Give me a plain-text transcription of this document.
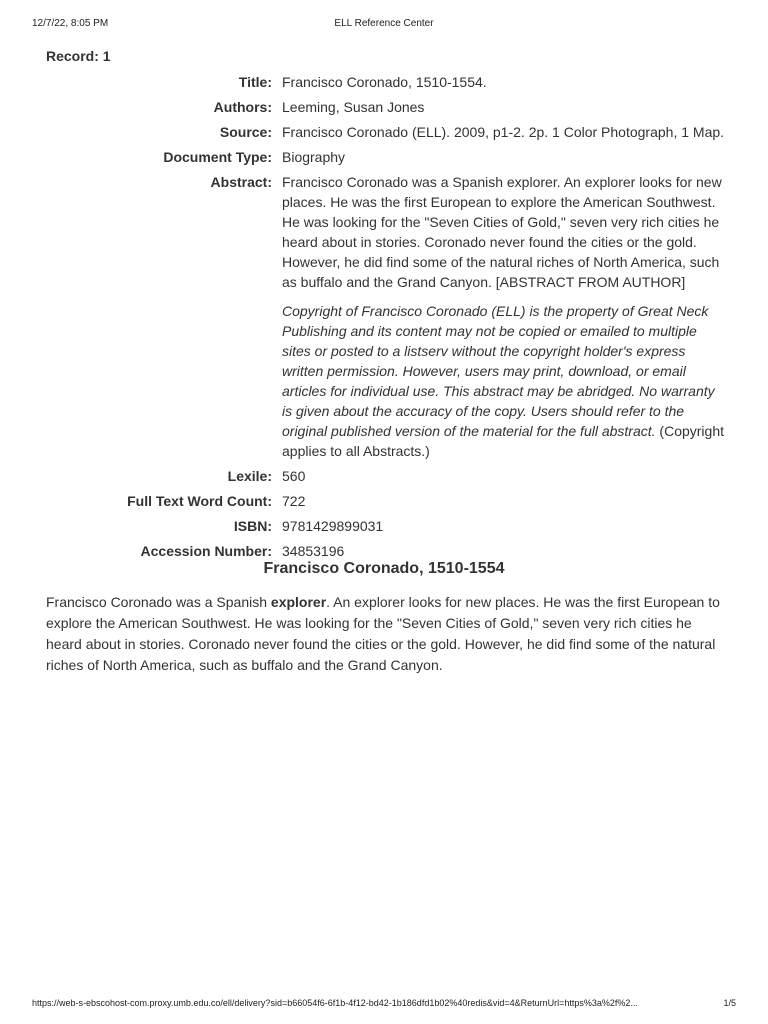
12/7/22, 8:05 PM	ELL Reference Center
Record: 1
Title: Francisco Coronado, 1510-1554.
Authors: Leeming, Susan Jones
Source: Francisco Coronado (ELL). 2009, p1-2. 2p. 1 Color Photograph, 1 Map.
Document Type: Biography
Abstract: Francisco Coronado was a Spanish explorer. An explorer looks for new places. He was the first European to explore the American Southwest. He was looking for the "Seven Cities of Gold," seven very rich cities he heard about in stories. Coronado never found the cities or the gold. However, he did find some of the natural riches of North America, such as buffalo and the Grand Canyon. [ABSTRACT FROM AUTHOR]

Copyright of Francisco Coronado (ELL) is the property of Great Neck Publishing and its content may not be copied or emailed to multiple sites or posted to a listserv without the copyright holder's express written permission. However, users may print, download, or email articles for individual use. This abstract may be abridged. No warranty is given about the accuracy of the copy. Users should refer to the original published version of the material for the full abstract. (Copyright applies to all Abstracts.)

Lexile: 560
Full Text Word Count: 722
ISBN: 9781429899031
Accession Number: 34853196
Francisco Coronado, 1510-1554

Francisco Coronado was a Spanish explorer. An explorer looks for new places. He was the first European to explore the American Southwest. He was looking for the "Seven Cities of Gold," seven very rich cities he heard about in stories. Coronado never found the cities or the gold. However, he did find some of the natural riches of North America, such as buffalo and the Grand Canyon.

https://web-s-ebscohost-com.proxy.umb.edu.co/ell/delivery?sid=b66054f6-6f1b-4f12-bd42-1b186dfd1b02%40redis&vid=4&ReturnUrl=https%3a%2f%2...	1/5
